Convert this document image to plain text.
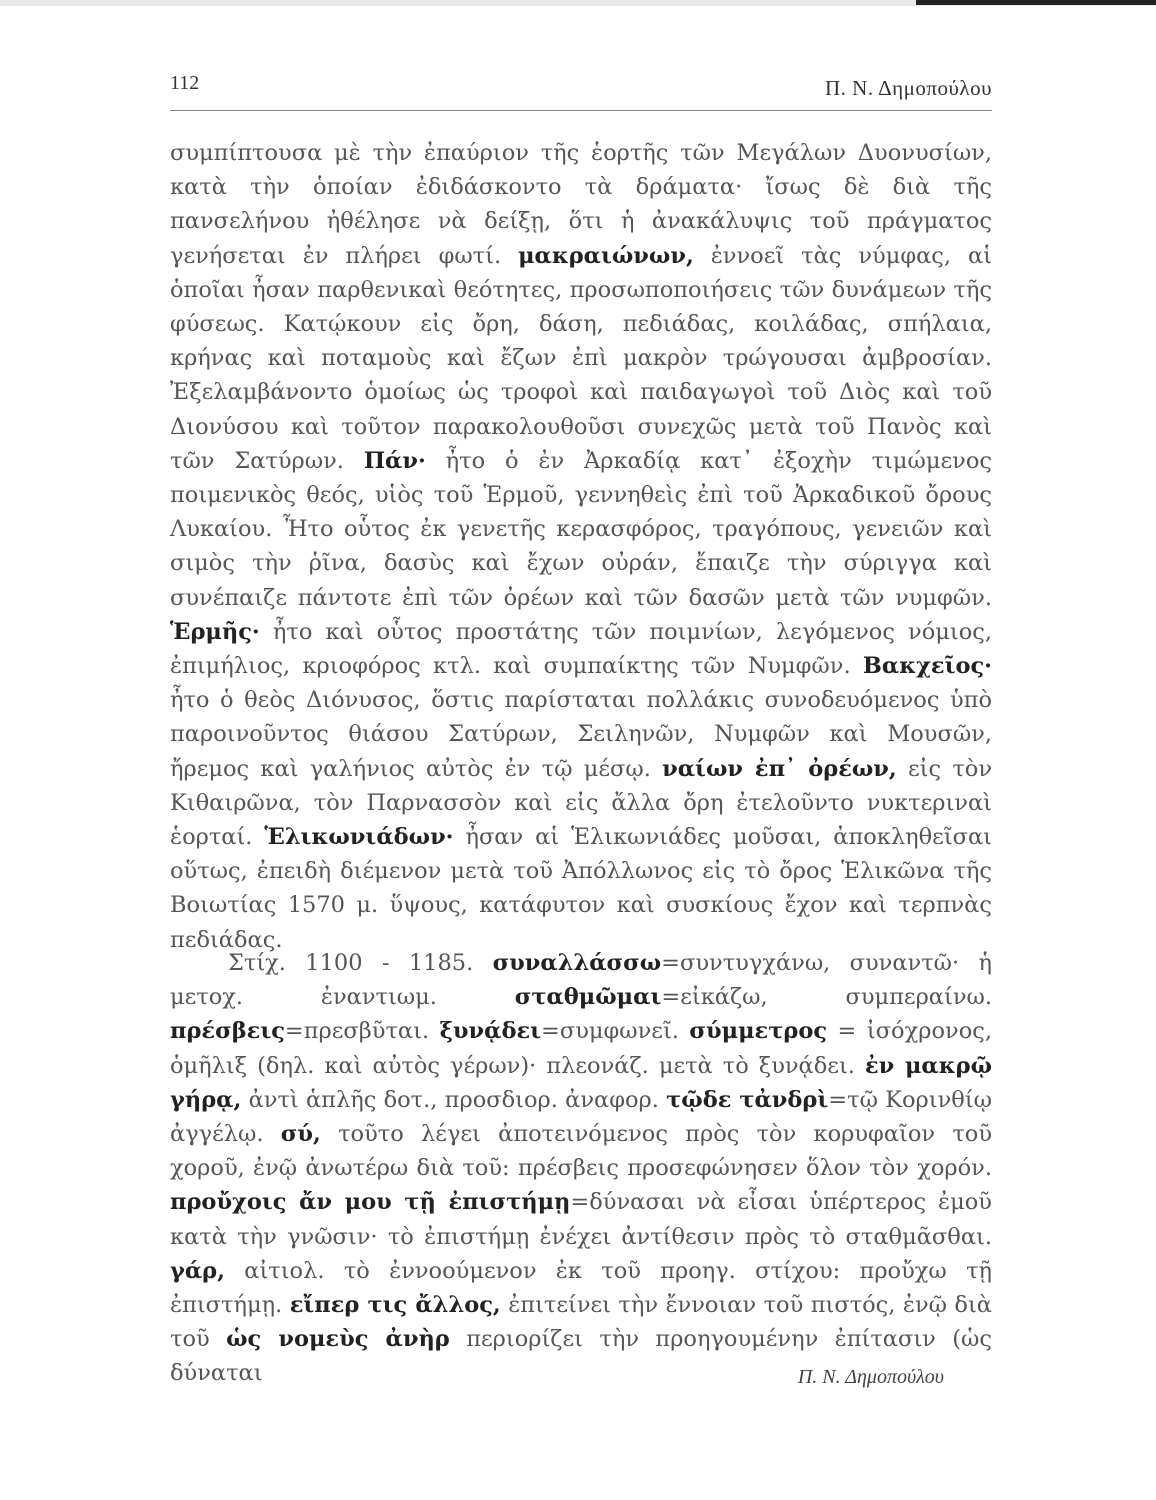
112	Π. Ν. Δημοπούλου
συμπίπτουσα μὲ τὴν ἐπαύριον τῆς ἑορτῆς τῶν Μεγάλων Δυονυσίων, κατὰ τὴν ὁποίαν ἐδιδάσκοντο τὰ δράματα· ἴσως δὲ διὰ τῆς πανσελήνου ἠθέλησε νὰ δείξῃ, ὅτι ἡ ἀνακάλυψις τοῦ πράγματος γενήσεται ἐν πλήρει φωτί. μακραιώνων, ἐννοεῖ τὰς νύμφας, αἱ ὁποῖαι ἦσαν παρθενικαὶ θεότητες, προσωποποιήσεις τῶν δυνάμεων τῆς φύσεως. Κατῴκουν εἰς ὄρη, δάση, πεδιάδας, κοιλάδας, σπήλαια, κρήνας καὶ ποταμοὺς καὶ ἔζων ἐπὶ μακρὸν τρώγουσαι ἀμβροσίαν. Ἐξελαμβάνοντο ὁμοίως ὡς τροφοὶ καὶ παιδαγωγοὶ τοῦ Διὸς καὶ τοῦ Διονύσου καὶ τοῦτον παρακολουθοῦσι συνεχῶς μετὰ τοῦ Πανὸς καὶ τῶν Σατύρων. Πάν· ἦτο ὁ ἐν Ἀρκαδίᾳ κατ᾽ ἐξοχὴν τιμώμενος ποιμενικὸς θεός, υἱὸς τοῦ Ἑρμοῦ, γεννηθεὶς ἐπὶ τοῦ Ἀρκαδικοῦ ὄρους Λυκαίου. Ἦτο οὗτος ἐκ γενετῆς κερασφόρος, τραγόπους, γενειῶν καὶ σιμὸς τὴν ῥῖνα, δασὺς καὶ ἔχων οὐράν, ἔπαιζε τὴν σύριγγα καὶ συνέπαιζε πάντοτε ἐπὶ τῶν ὀρέων καὶ τῶν δασῶν μετὰ τῶν νυμφῶν. Ἑρμῆς· ἦτο καὶ οὗτος προστάτης τῶν ποιμνίων, λεγόμενος νόμιος, ἐπιμήλιος, κριοφόρος κτλ. καὶ συμπαίκτης τῶν Νυμφῶν. Βακχεῖος· ἦτο ὁ θεὸς Διόνυσος, ὅστις παρίσταται πολλάκις συνοδευόμενος ὑπὸ παροινοῦντος θιάσου Σατύρων, Σειληνῶν, Νυμφῶν καὶ Μουσῶν, ἤρεμος καὶ γαλήνιος αὐτὸς ἐν τῷ μέσῳ. ναίων ἐπ᾽ ὀρέων, εἰς τὸν Κιθαιρῶνα, τὸν Παρνασσὸν καὶ εἰς ἄλλα ὄρη ἐτελοῦντο νυκτεριναὶ ἑορταί. Ἑλικωνιάδων· ἦσαν αἱ Ἑλικωνιάδες μοῦσαι, ἀποκληθεῖσαι οὕτως, ἐπειδὴ διέμενον μετὰ τοῦ Ἀπόλλωνος εἰς τὸ ὄρος Ἑλικῶνα τῆς Βοιωτίας 1570 μ. ὕψους, κατάφυτον καὶ συσκίους ἔχον καὶ τερπνὰς πεδιάδας.
Στίχ. 1100 - 1185. συναλλάσσω=συντυγχάνω, συναντῶ· ἡ μετοχ. ἐναντιωμ. σταθμῶμαι=εἰκάζω, συμπεραίνω. πρέσβεις=πρεσβῦται. ξυνᾴδει=συμφωνεῖ. σύμμετρος = ἰσόχρονος, ὁμῆλιξ (δηλ. καὶ αὐτὸς γέρων)· πλεονάζ. μετὰ τὸ ξυνᾴδει. ἐν μακρῷ γήρᾳ, ἀντὶ ἁπλῆς δοτ., προσδιορ. ἀναφορ. τῷδε τἀνδρὶ=τῷ Κορινθίῳ ἀγγέλῳ. σύ, τοῦτο λέγει ἀποτεινόμενος πρὸς τὸν κορυφαῖον τοῦ χοροῦ, ἐνῷ ἀνωτέρω διὰ τοῦ: πρέσβεις προσεφώνησεν ὅλον τὸν χορόν. προὔχοις ἄν μου τῇ ἐπιστήμῃ=δύνασαι νὰ εἶσαι ὑπέρτερος ἐμοῦ κατὰ τὴν γνῶσιν· τὸ ἐπιστήμῃ ἐνέχει ἀντίθεσιν πρὸς τὸ σταθμᾶσθαι. γάρ, αἰτιολ. τὸ ἐννοούμενον ἐκ τοῦ προηγ. στίχου: προὔχω τῇ ἐπιστήμῃ. εἴπερ τις ἄλλος, ἐπιτείνει τὴν ἔννοιαν τοῦ πιστός, ἐνῷ διὰ τοῦ ὡς νομεὺς ἀνὴρ περιορίζει τὴν προηγουμένην ἐπίτασιν (ὡς δύναται	Π. Ν. Δημοπούλου
